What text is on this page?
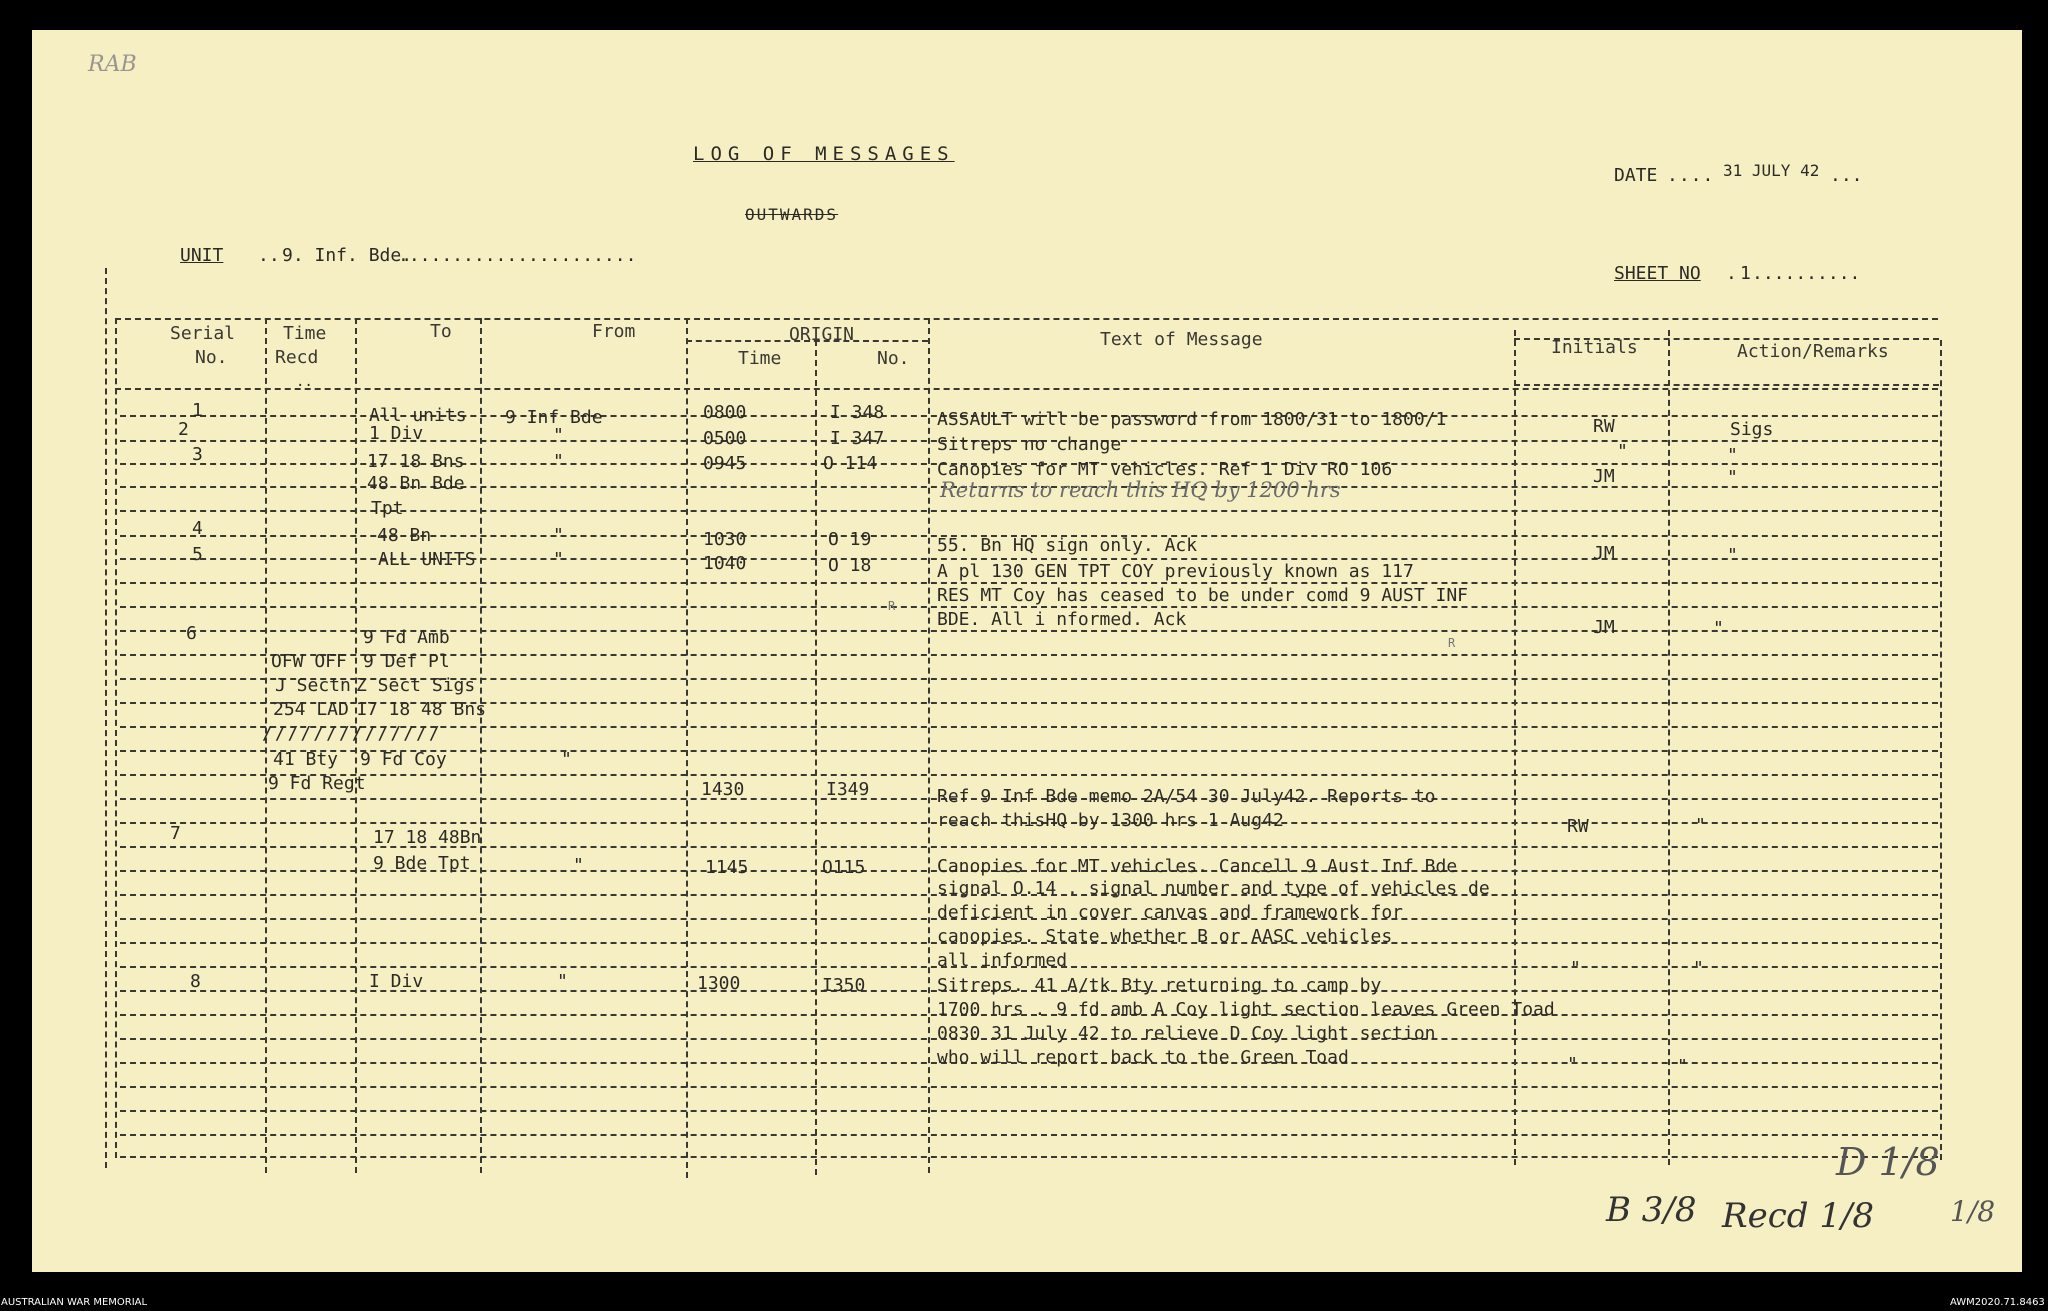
RAB
LOG OF MESSAGES
OUTWARDS
DATE .... 31 JULY 42 ...
UNIT .. 9. Inf. Bde.
......................
SHEET NO . 1 ..........
Serial
No.
Time
Recd
To	From	ORIGIN
Time	No.
Text of Message	Initials	Action/Remarks
..
1	All units 9 Inf Bde	0800	I 348	ASSAULT will be password from 1800/31 to 1800/1	RW	Sigs
2	1 Div	"	0500	I 347	Sitreps no change	"	"
3	17 18 Bns	"	0945	O 114	Canopies for MT vehicles. Ref 1 Div RO 106	JM	"
48 Bn Bde
Tpt
Returns to reach this HQ by 1200 hrs
4	48 Bn	"	1030	O 19	55. Bn HQ sign only. Ack
5	ALL UNITS	"	1040	O 18	A pl 130 GEN TPT COY previously known as 117
RES MT Coy has ceased to be under comd 9 AUST INF
BDE. All i nformed. Ack
JM	"
R
6	9 Fd Amb
OFW OFF 9 Def Pl
J Sectn Z Sect Sigs
254 LAD 17 18 48 Bns
//////////////
41 Bty 9 Fd Coy	"
9 Fd Regt	1430	I349	Ref 9 Inf Bde memo 2A/54 30 July42. Reports to
reach thisHQ by 1300 hrs 1 Aug42
JM	"
R
7	17 18 48Bn
9 Bde Tpt	"	1145	O115	Canopies for MT vehicles. Cancell 9 Aust Inf Bde
signal O.14 . signal number and type of vehicles de
deficient in cover canvas and framework for
canopies. State whether B or AASC vehicles
all informed
RW	"
"	"
8	I Div	"	1300	I350	Sitreps. 41 A/tk Bty returning to camp by
1700 hrs . 9 fd amb A Coy light section leaves Green Toad
0830 31 July 42 to relieve D Coy light section
who will report back to the Green Toad	"	"
B 3/8 Recd 1/8
D 1/8
1/8
AUSTRALIAN WAR MEMORIAL	AWM2020.71.8463
